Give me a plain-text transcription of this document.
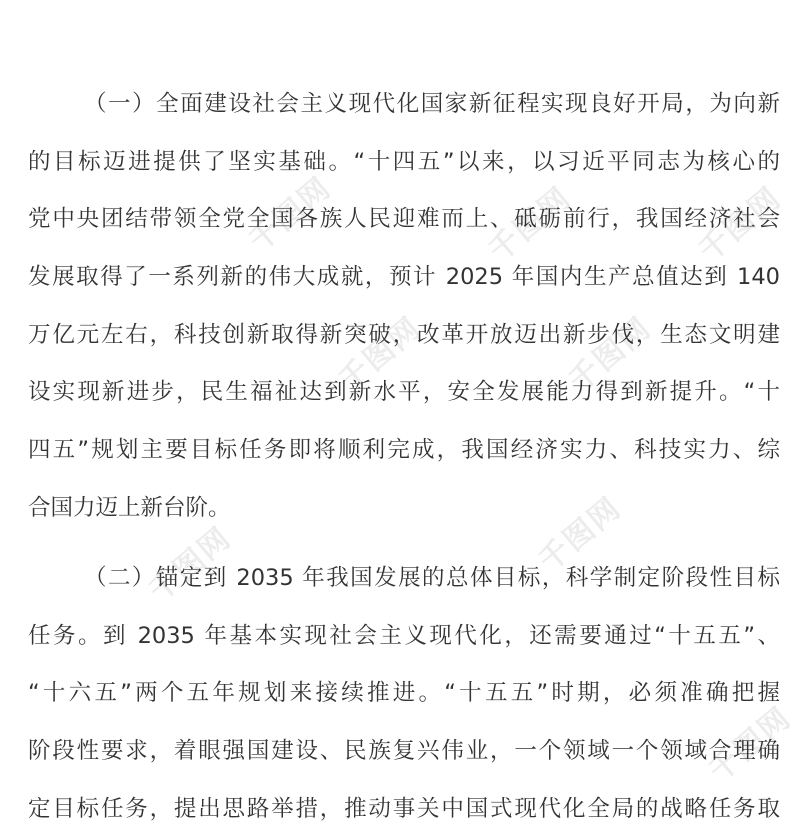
千图网	千图网	千图网
千图网	千图网
千图网	千图网
千图网

（一）全面建设社会主义现代化国家新征程实现良好开局，为向新

的目标迈进提供了坚实基础。“十四五”以来，以习近平同志为核心的

党中央团结带领全党全国各族人民迎难而上、砥砺前行，我国经济社会

发展取得了一系列新的伟大成就，预计 2025 年国内生产总值达到 140

万亿元左右，科技创新取得新突破，改革开放迈出新步伐，生态文明建

设实现新进步，民生福祉达到新水平，安全发展能力得到新提升。“十

四五”规划主要目标任务即将顺利完成，我国经济实力、科技实力、综

合国力迈上新台阶。

（二）锚定到 2035 年我国发展的总体目标，科学制定阶段性目标

任务。到 2035 年基本实现社会主义现代化，还需要通过“十五五”、

“十六五”两个五年规划来接续推进。“十五五”时期，必须准确把握

阶段性要求，着眼强国建设、民族复兴伟业，一个领域一个领域合理确

定目标任务，提出思路举措，推动事关中国式现代化全局的战略任务取
